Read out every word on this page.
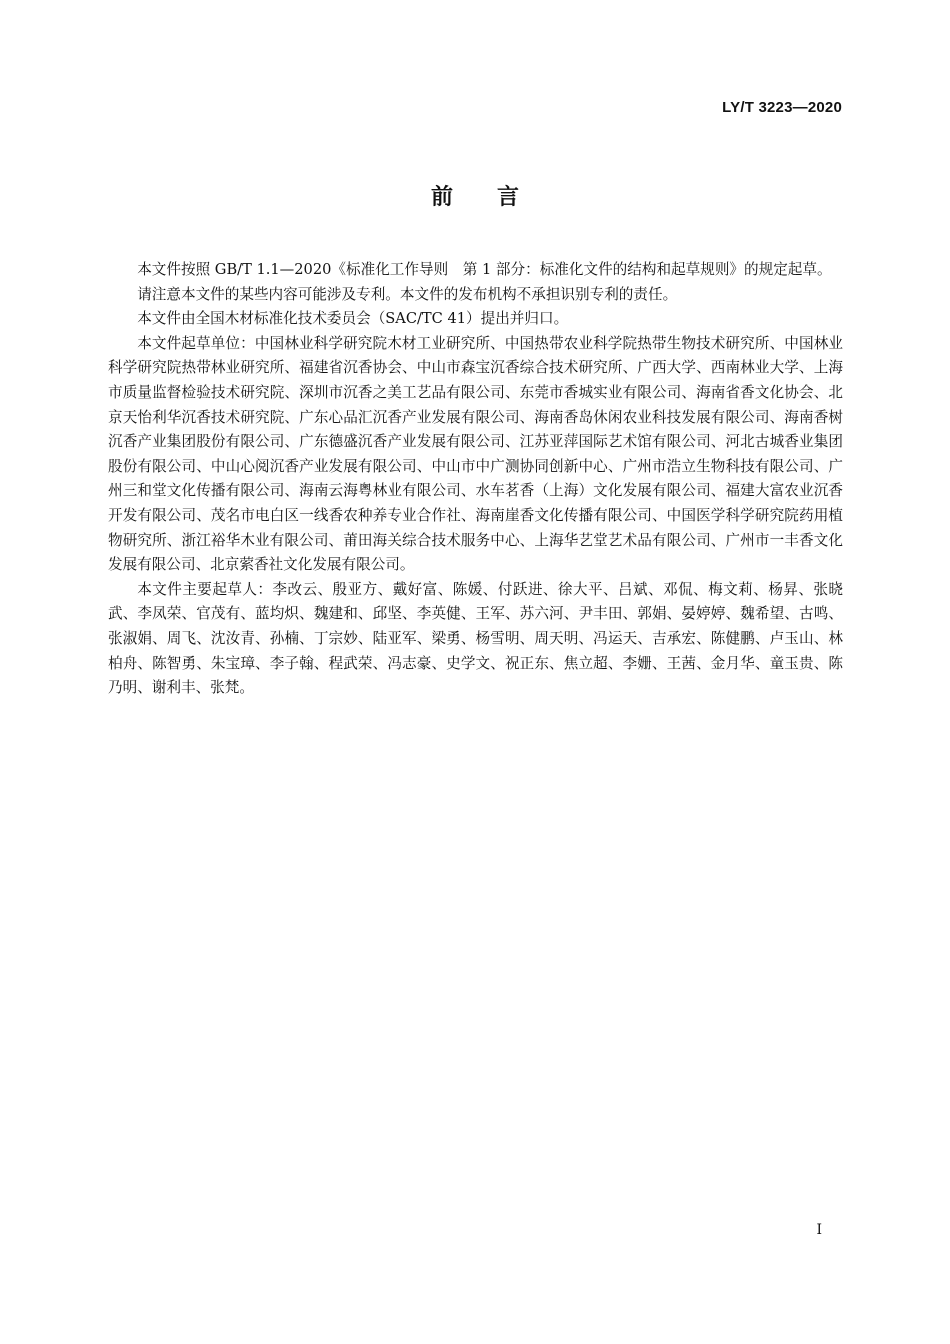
LY/T 3223—2020
前言

本文件按照 GB/T 1.1—2020《标准化工作导则　第 1 部分：标准化文件的结构和起草规则》的规定起草。

请注意本文件的某些内容可能涉及专利。本文件的发布机构不承担识别专利的责任。

本文件由全国木材标准化技术委员会（SAC/TC 41）提出并归口。

本文件起草单位：中国林业科学研究院木材工业研究所、中国热带农业科学院热带生物技术研究所、中国林业科学研究院热带林业研究所、福建省沉香协会、中山市森宝沉香综合技术研究所、广西大学、西南林业大学、上海市质量监督检验技术研究院、深圳市沉香之美工艺品有限公司、东莞市香城实业有限公司、海南省香文化协会、北京天怡利华沉香技术研究院、广东心品汇沉香产业发展有限公司、海南香岛休闲农业科技发展有限公司、海南香树沉香产业集团股份有限公司、广东德盛沉香产业发展有限公司、江苏亚萍国际艺术馆有限公司、河北古城香业集团股份有限公司、中山心阅沉香产业发展有限公司、中山市中广测协同创新中心、广州市浩立生物科技有限公司、广州三和堂文化传播有限公司、海南云海粤林业有限公司、水车茗香（上海）文化发展有限公司、福建大富农业沉香开发有限公司、茂名市电白区一线香农种养专业合作社、海南崖香文化传播有限公司、中国医学科学研究院药用植物研究所、浙江裕华木业有限公司、莆田海关综合技术服务中心、上海华艺堂艺术品有限公司、广州市一丰香文化发展有限公司、北京萦香社文化发展有限公司。

本文件主要起草人：李改云、殷亚方、戴好富、陈媛、付跃进、徐大平、吕斌、邓侃、梅文莉、杨昇、张晓武、李凤荣、官茂有、蓝均炽、魏建和、邱坚、李英健、王军、苏六河、尹丰田、郭娟、晏婷婷、魏希望、古鸣、张淑娟、周飞、沈汝青、孙楠、丁宗妙、陆亚军、梁勇、杨雪明、周天明、冯运天、吉承宏、陈健鹏、卢玉山、林柏舟、陈智勇、朱宝璋、李子翰、程武荣、冯志豪、史学文、祝正东、焦立超、李姗、王茜、金月华、童玉贵、陈乃明、谢利丰、张梵。

I
